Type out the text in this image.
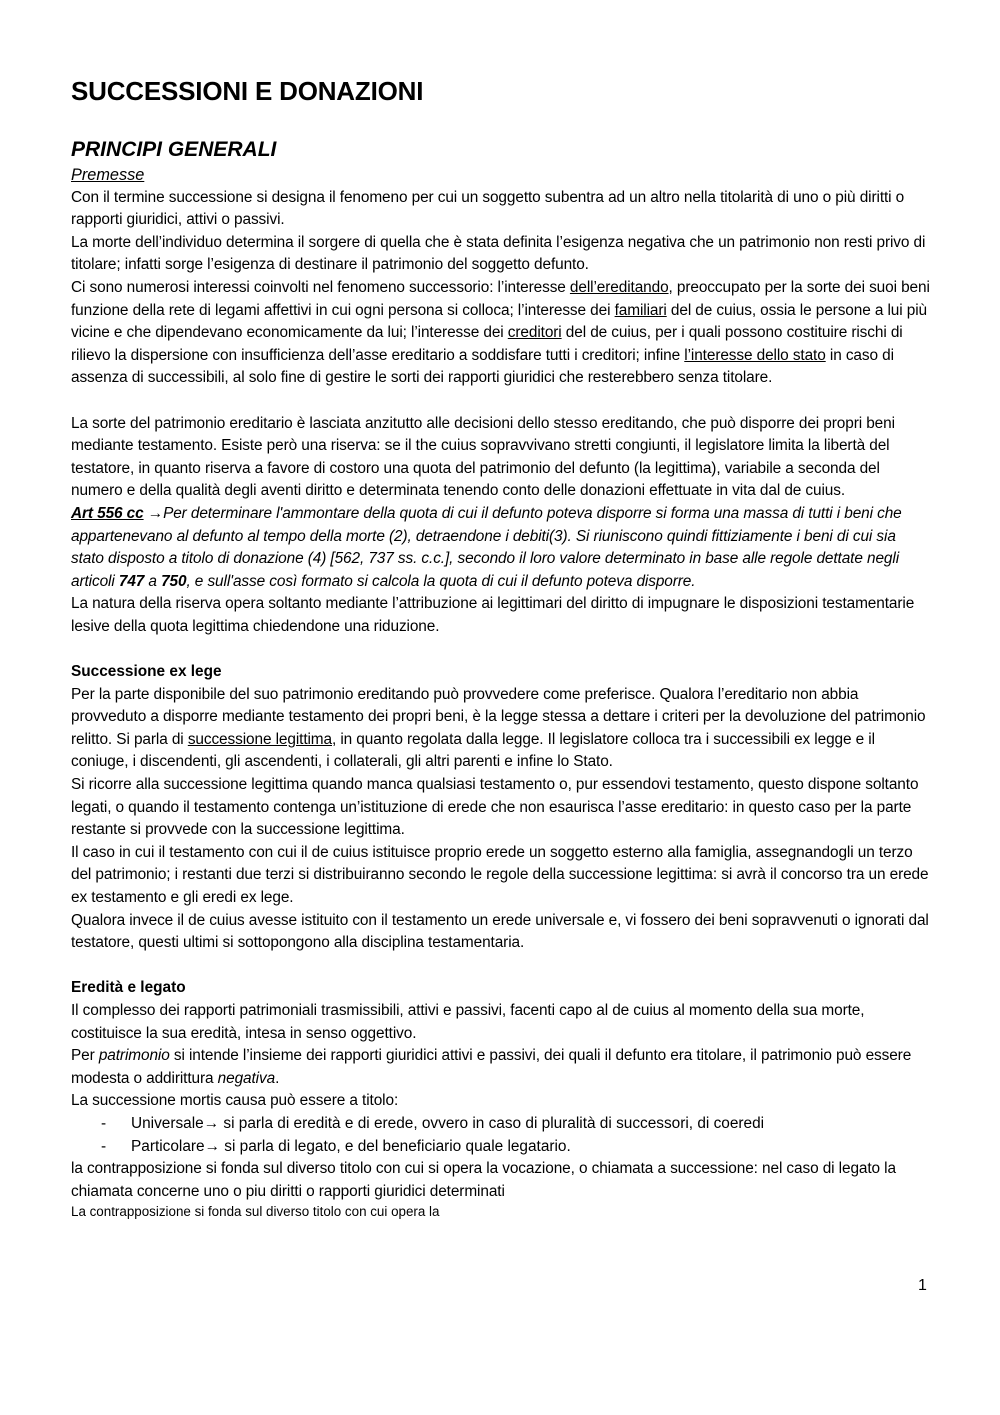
SUCCESSIONI E DONAZIONI
PRINCIPI GENERALI
Premesse

Con il termine successione si designa il fenomeno per cui un soggetto subentra ad un altro nella titolarità di uno o più diritti o rapporti giuridici, attivi o passivi.

La morte dell’individuo determina il sorgere di quella che è stata definita l’esigenza negativa che un patrimonio non resti privo di titolare; infatti sorge l’esigenza di destinare il patrimonio del soggetto defunto.

Ci sono numerosi interessi coinvolti nel fenomeno successorio: l’interesse dell’ereditando, preoccupato per la sorte dei suoi beni funzione della rete di legami affettivi in cui ogni persona si colloca; l’interesse dei familiari del de cuius, ossia le persone a lui più vicine e che dipendevano economicamente da lui; l’interesse dei creditori del de cuius, per i quali possono costituire rischi di rilievo la dispersione con insufficienza dell’asse ereditario a soddisfare tutti i creditori; infine l’interesse dello stato in caso di assenza di successibili, al solo fine di gestire le sorti dei rapporti giuridici che resterebbero senza titolare.

La sorte del patrimonio ereditario è lasciata anzitutto alle decisioni dello stesso ereditando, che può disporre dei propri beni mediante testamento. Esiste però una riserva: se il the cuius sopravvivano stretti congiunti, il legislatore limita la libertà del testatore, in quanto riserva a favore di costoro una quota del patrimonio del defunto (la legittima), variabile a seconda del numero e della qualità degli aventi diritto e determinata tenendo conto delle donazioni effettuate in vita dal de cuius.

Art 556 cc →Per determinare l'ammontare della quota di cui il defunto poteva disporre si forma una massa di tutti i beni che appartenevano al defunto al tempo della morte (2), detraendone i debiti(3). Si riuniscono quindi fittiziamente i beni di cui sia stato disposto a titolo di donazione (4) [562, 737 ss. c.c.], secondo il loro valore determinato in base alle regole dettate negli articoli 747 a 750, e sull'asse così formato si calcola la quota di cui il defunto poteva disporre.

La natura della riserva opera soltanto mediante l’attribuzione ai legittimari del diritto di impugnare le disposizioni testamentarie lesive della quota legittima chiedendone una riduzione.

Successione ex lege

Per la parte disponibile del suo patrimonio ereditando può provvedere come preferisce. Qualora l’ereditario non abbia provveduto a disporre mediante testamento dei propri beni, è la legge stessa a dettare i criteri per la devoluzione del patrimonio relitto. Si parla di successione legittima, in quanto regolata dalla legge. Il legislatore colloca tra i successibili ex legge e il coniuge, i discendenti, gli ascendenti, i collaterali, gli altri parenti e infine lo Stato.

Si ricorre alla successione legittima quando manca qualsiasi testamento o, pur essendovi testamento, questo dispone soltanto legati, o quando il testamento contenga un’istituzione di erede che non esaurisca l’asse ereditario: in questo caso per la parte restante si provvede con la successione legittima.

Il caso in cui il testamento con cui il de cuius istituisce proprio erede un soggetto esterno alla famiglia, assegnandogli un terzo del patrimonio; i restanti due terzi si distribuiranno secondo le regole della successione legittima: si avrà il concorso tra un erede ex testamento e gli eredi ex lege.

Qualora invece il de cuius avesse istituito con il testamento un erede universale e, vi fossero dei beni sopravvenuti o ignorati dal testatore, questi ultimi si sottopongono alla disciplina testamentaria.

Eredità e legato

Il complesso dei rapporti patrimoniali trasmissibili, attivi e passivi, facenti capo al de cuius al momento della sua morte, costituisce la sua eredità, intesa in senso oggettivo.

Per patrimonio si intende l’insieme dei rapporti giuridici attivi e passivi, dei quali il defunto era titolare, il patrimonio può essere modesta o addirittura negativa.

La successione mortis causa può essere a titolo:

- Universale→ si parla di eredità e di erede, ovvero in caso di pluralità di successori, di coeredi
- Particolare→ si parla di legato, e del beneficiario quale legatario.

la contrapposizione si fonda sul diverso titolo con cui si opera la vocazione, o chiamata a successione: nel caso di legato la chiamata concerne uno o piu diritti o rapporti giuridici determinati

La contrapposizione si fonda sul diverso titolo con cui opera la

1
